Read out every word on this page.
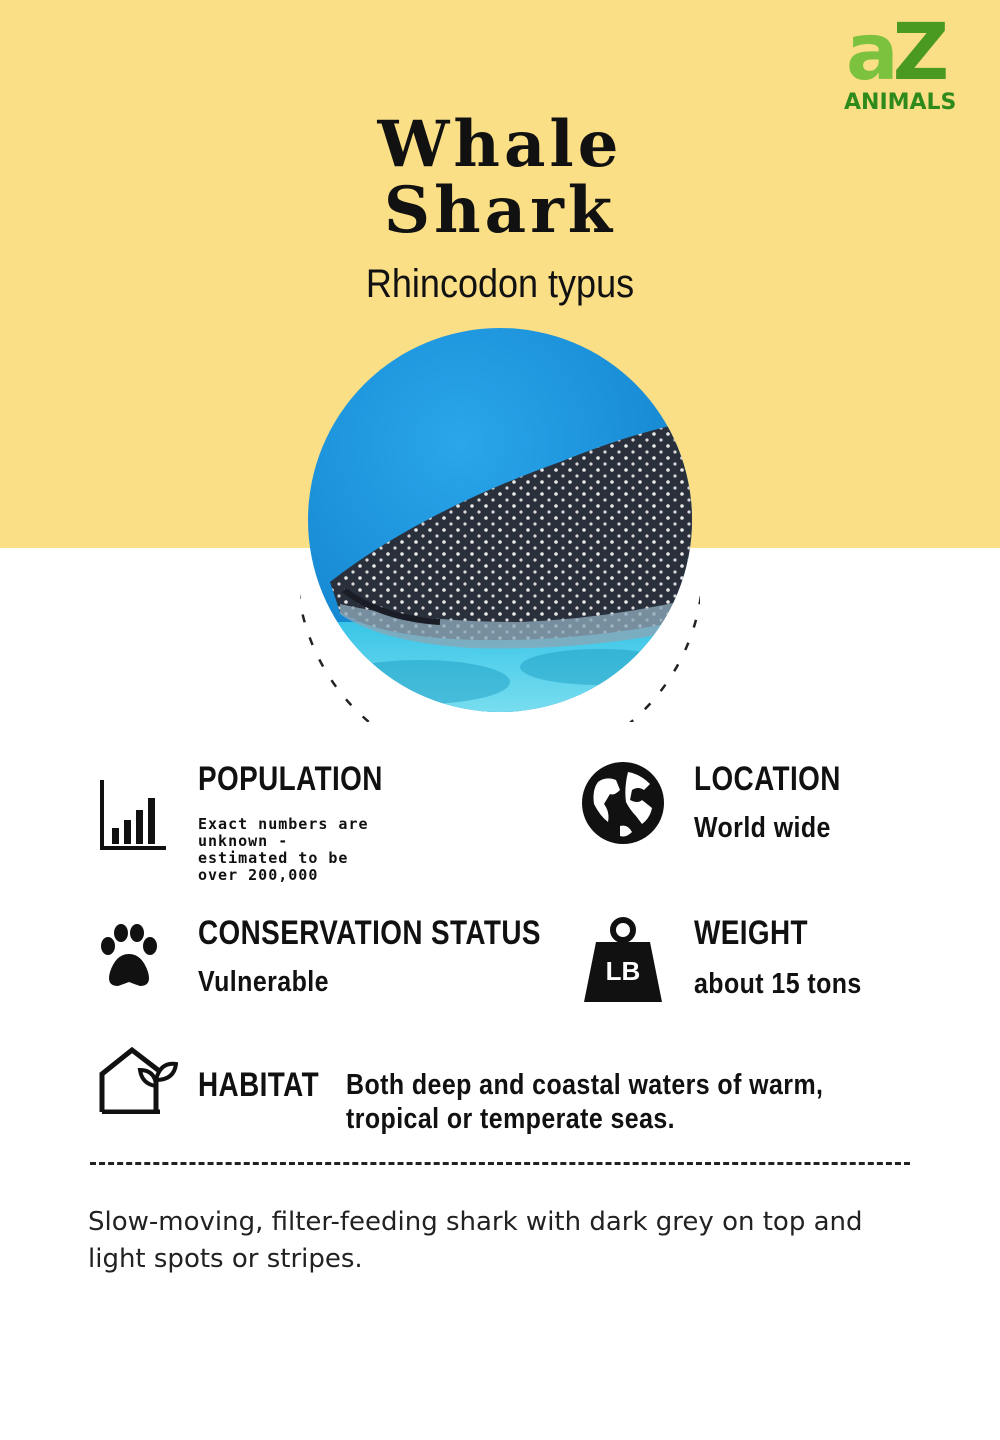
aZ
ANIMALS
Whale
Shark
Rhincodon typus
POPULATION
Exact numbers are
unknown -
estimated to be
over 200,000
LOCATION
World wide
CONSERVATION STATUS
Vulnerable	LB
WEIGHT
about 15 tons
HABITAT Both deep and coastal waters of warm,
tropical or temperate seas.
Slow-moving, filter-feeding shark with dark grey on top and
light spots or stripes.
